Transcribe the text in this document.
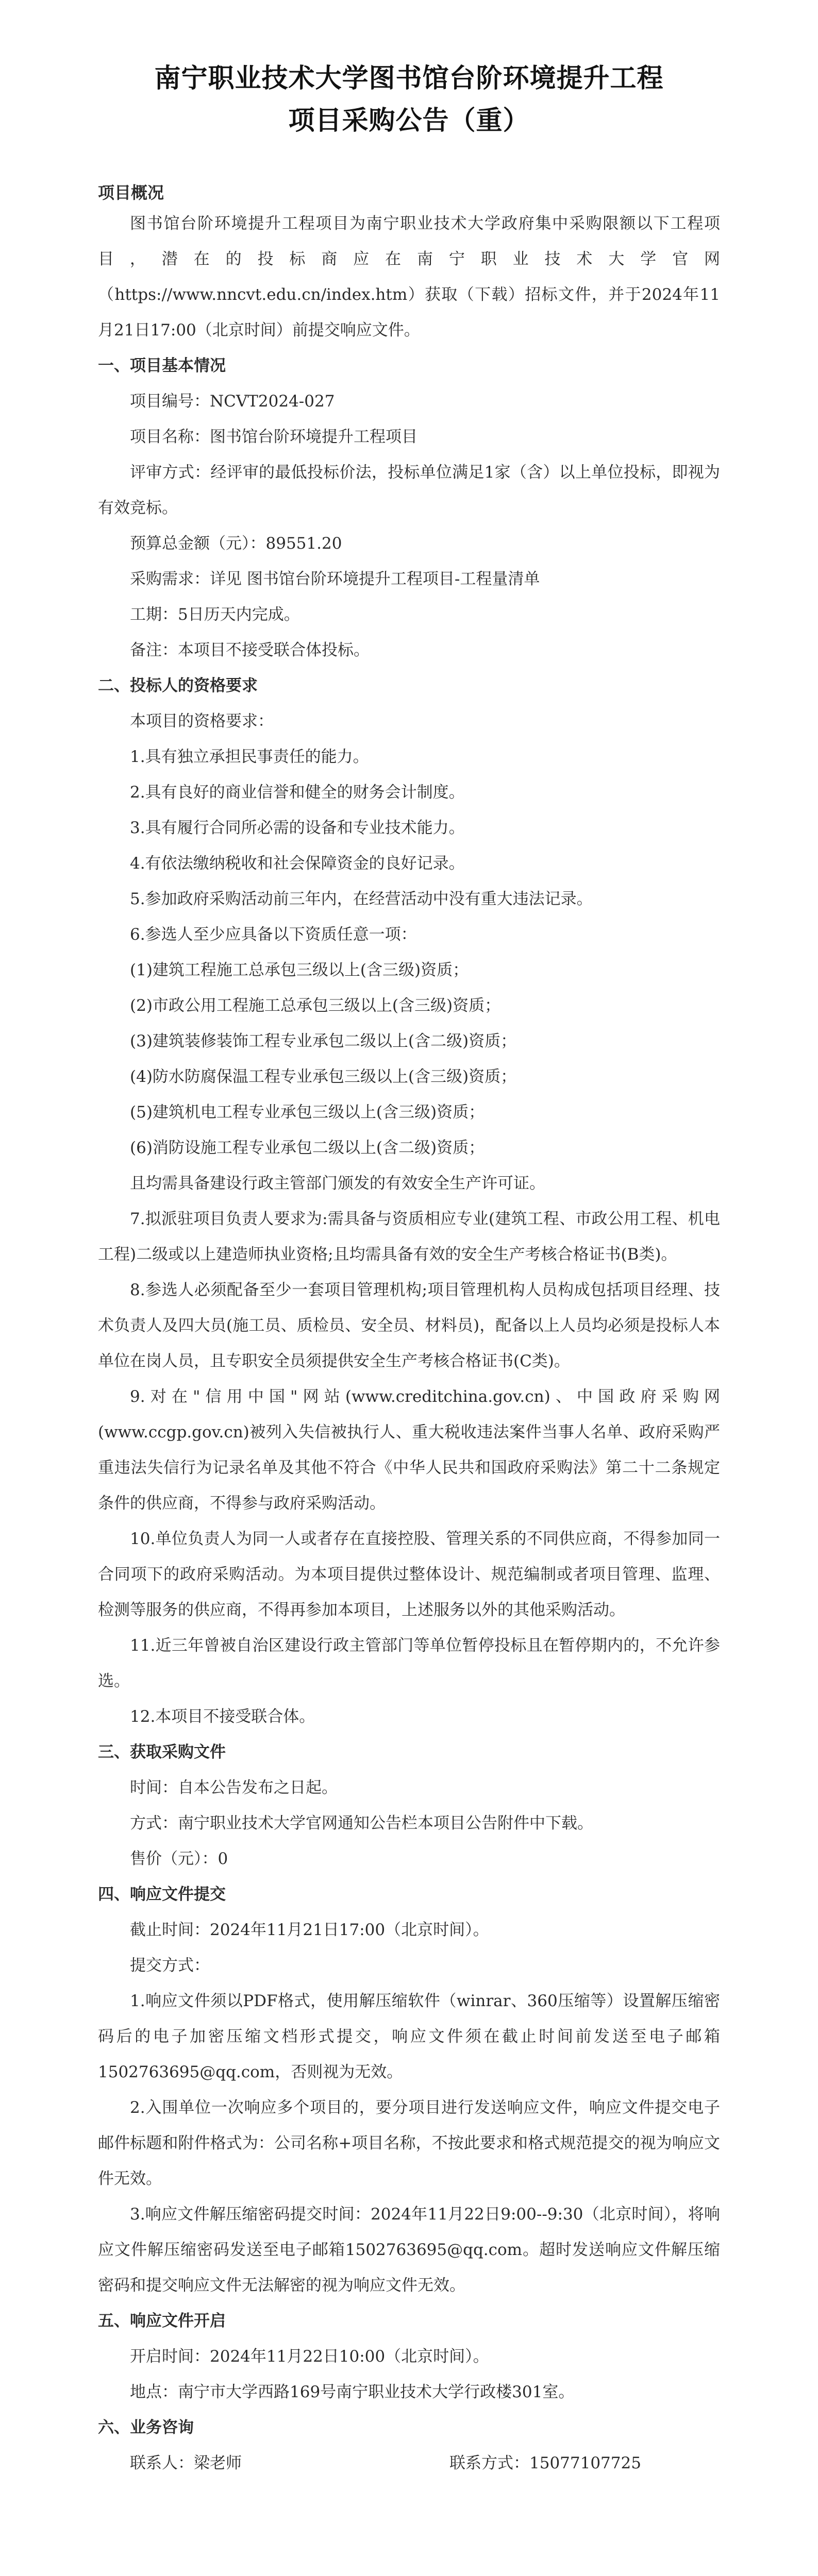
南宁职业技术大学图书馆台阶环境提升工程
项目采购公告（重）
项目概况

图书馆台阶环境提升工程项目为南宁职业技术大学政府集中采购限额以下工程项目，潜在的投标商应在南宁职业技术大学官网（https://www.nncvt.edu.cn/index.htm）获取（下载）招标文件，并于2024年11月21日17:00（北京时间）前提交响应文件。

一、项目基本情况

项目编号：NCVT2024-027

项目名称：图书馆台阶环境提升工程项目

评审方式：经评审的最低投标价法，投标单位满足1家（含）以上单位投标，即视为有效竞标。

预算总金额（元）：89551.20

采购需求：详见 图书馆台阶环境提升工程项目-工程量清单

工期：5日历天内完成。

备注：本项目不接受联合体投标。

二、投标人的资格要求

本项目的资格要求：

1.具有独立承担民事责任的能力。

2.具有良好的商业信誉和健全的财务会计制度。

3.具有履行合同所必需的设备和专业技术能力。

4.有依法缴纳税收和社会保障资金的良好记录。

5.参加政府采购活动前三年内，在经营活动中没有重大违法记录。

6.参选人至少应具备以下资质任意一项：

(1)建筑工程施工总承包三级以上(含三级)资质；

(2)市政公用工程施工总承包三级以上(含三级)资质；

(3)建筑装修装饰工程专业承包二级以上(含二级)资质；

(4)防水防腐保温工程专业承包三级以上(含三级)资质；

(5)建筑机电工程专业承包三级以上(含三级)资质；

(6)消防设施工程专业承包二级以上(含二级)资质；

且均需具备建设行政主管部门颁发的有效安全生产许可证。

7.拟派驻项目负责人要求为:需具备与资质相应专业(建筑工程、市政公用工程、机电工程)二级或以上建造师执业资格;且均需具备有效的安全生产考核合格证书(B类)。

8.参选人必须配备至少一套项目管理机构;项目管理机构人员构成包括项目经理、技术负责人及四大员(施工员、质检员、安全员、材料员)，配备以上人员均必须是投标人本单位在岗人员，且专职安全员须提供安全生产考核合格证书(C类)。

9.对在"信用中国"网站(www.creditchina.gov.cn)、中国政府采购网(www.ccgp.gov.cn)被列入失信被执行人、重大税收违法案件当事人名单、政府采购严重违法失信行为记录名单及其他不符合《中华人民共和国政府采购法》第二十二条规定条件的供应商，不得参与政府采购活动。

10.单位负责人为同一人或者存在直接控股、管理关系的不同供应商，不得参加同一合同项下的政府采购活动。为本项目提供过整体设计、规范编制或者项目管理、监理、检测等服务的供应商，不得再参加本项目，上述服务以外的其他采购活动。

11.近三年曾被自治区建设行政主管部门等单位暂停投标且在暂停期内的，不允许参选。

12.本项目不接受联合体。

三、获取采购文件

时间：自本公告发布之日起。

方式：南宁职业技术大学官网通知公告栏本项目公告附件中下载。

售价（元）：0

四、响应文件提交

截止时间：2024年11月21日17:00（北京时间）。

提交方式：

1.响应文件须以PDF格式，使用解压缩软件（winrar、360压缩等）设置解压缩密码后的电子加密压缩文档形式提交，响应文件须在截止时间前发送至电子邮箱1502763695@qq.com，否则视为无效。

2.入围单位一次响应多个项目的，要分项目进行发送响应文件，响应文件提交电子邮件标题和附件格式为：公司名称+项目名称，不按此要求和格式规范提交的视为响应文件无效。

3.响应文件解压缩密码提交时间：2024年11月22日9:00--9:30（北京时间），将响应文件解压缩密码发送至电子邮箱1502763695@qq.com。超时发送响应文件解压缩密码和提交响应文件无法解密的视为响应文件无效。

五、响应文件开启

开启时间：2024年11月22日10:00（北京时间）。

地点：南宁市大学西路169号南宁职业技术大学行政楼301室。

六、业务咨询

联系人：梁老师	联系方式：15077107725
